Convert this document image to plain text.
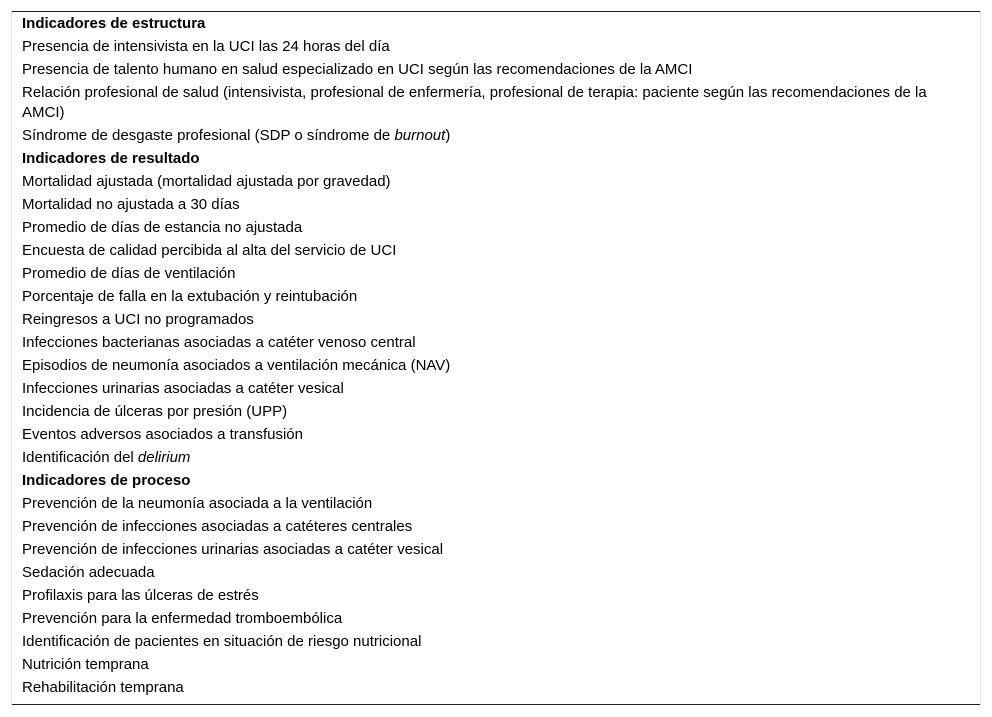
Indicadores de estructura
Presencia de intensivista en la UCI las 24 horas del día
Presencia de talento humano en salud especializado en UCI según las recomendaciones de la AMCI
Relación profesional de salud (intensivista, profesional de enfermería, profesional de terapia: paciente según las recomendaciones de la AMCI)
Síndrome de desgaste profesional (SDP o síndrome de burnout)
Indicadores de resultado
Mortalidad ajustada (mortalidad ajustada por gravedad)
Mortalidad no ajustada a 30 días
Promedio de días de estancia no ajustada
Encuesta de calidad percibida al alta del servicio de UCI
Promedio de días de ventilación
Porcentaje de falla en la extubación y reintubación
Reingresos a UCI no programados
Infecciones bacterianas asociadas a catéter venoso central
Episodios de neumonía asociados a ventilación mecánica (NAV)
Infecciones urinarias asociadas a catéter vesical
Incidencia de úlceras por presión (UPP)
Eventos adversos asociados a transfusión
Identificación del delirium
Indicadores de proceso
Prevención de la neumonía asociada a la ventilación
Prevención de infecciones asociadas a catéteres centrales
Prevención de infecciones urinarias asociadas a catéter vesical
Sedación adecuada
Profilaxis para las úlceras de estrés
Prevención para la enfermedad tromboembólica
Identificación de pacientes en situación de riesgo nutricional
Nutrición temprana
Rehabilitación temprana
